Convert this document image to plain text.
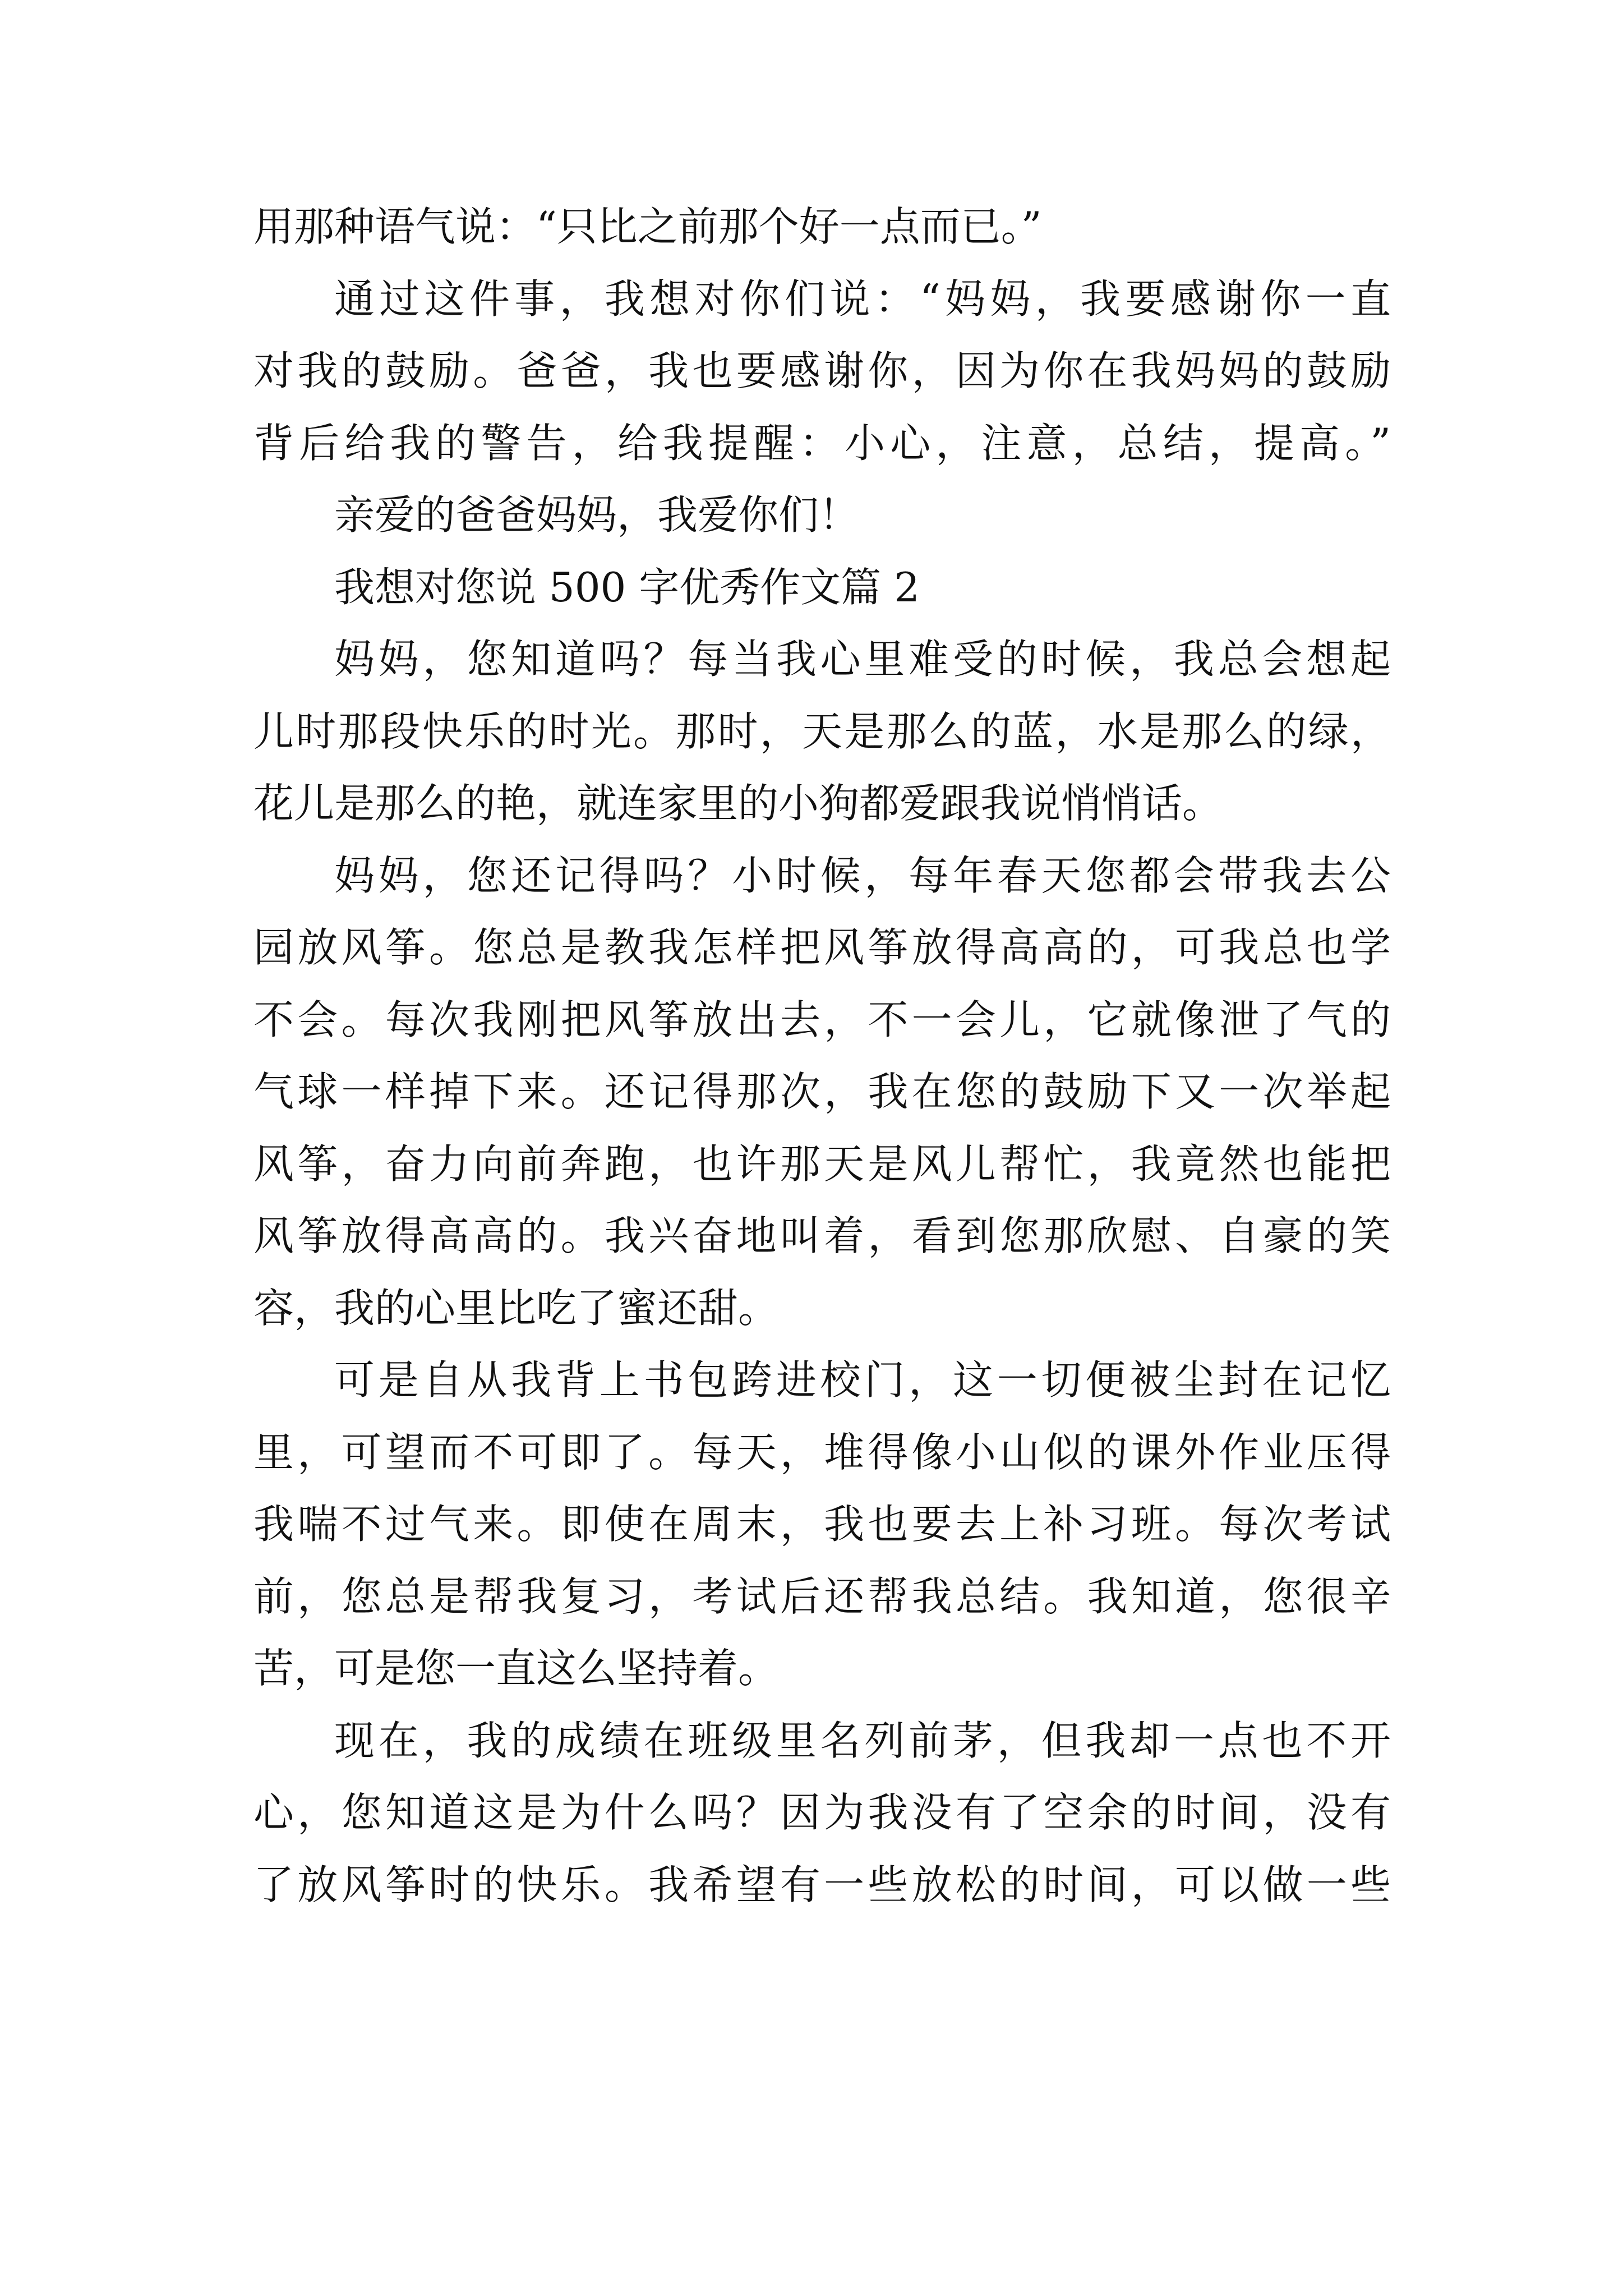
用那种语气说：“只比之前那个好一点而已。”
通过这件事，我想对你们说：“妈妈，我要感谢你一直
对我的鼓励。爸爸，我也要感谢你，因为你在我妈妈的鼓励
背后给我的警告，给我提醒：小心，注意，总结，提高。”
亲爱的爸爸妈妈，我爱你们！
我想对您说 500 字优秀作文篇 2
妈妈，您知道吗？每当我心里难受的时候，我总会想起
儿时那段快乐的时光。那时，天是那么的蓝，水是那么的绿，
花儿是那么的艳，就连家里的小狗都爱跟我说悄悄话。
妈妈，您还记得吗？小时候，每年春天您都会带我去公
园放风筝。您总是教我怎样把风筝放得高高的，可我总也学
不会。每次我刚把风筝放出去，不一会儿，它就像泄了气的
气球一样掉下来。还记得那次，我在您的鼓励下又一次举起
风筝，奋力向前奔跑，也许那天是风儿帮忙，我竟然也能把
风筝放得高高的。我兴奋地叫着，看到您那欣慰、自豪的笑
容，我的心里比吃了蜜还甜。
可是自从我背上书包跨进校门，这一切便被尘封在记忆
里，可望而不可即了。每天，堆得像小山似的课外作业压得
我喘不过气来。即使在周末，我也要去上补习班。每次考试
前，您总是帮我复习，考试后还帮我总结。我知道，您很辛
苦，可是您一直这么坚持着。
现在，我的成绩在班级里名列前茅，但我却一点也不开
心，您知道这是为什么吗？因为我没有了空余的时间，没有
了放风筝时的快乐。我希望有一些放松的时间，可以做一些
